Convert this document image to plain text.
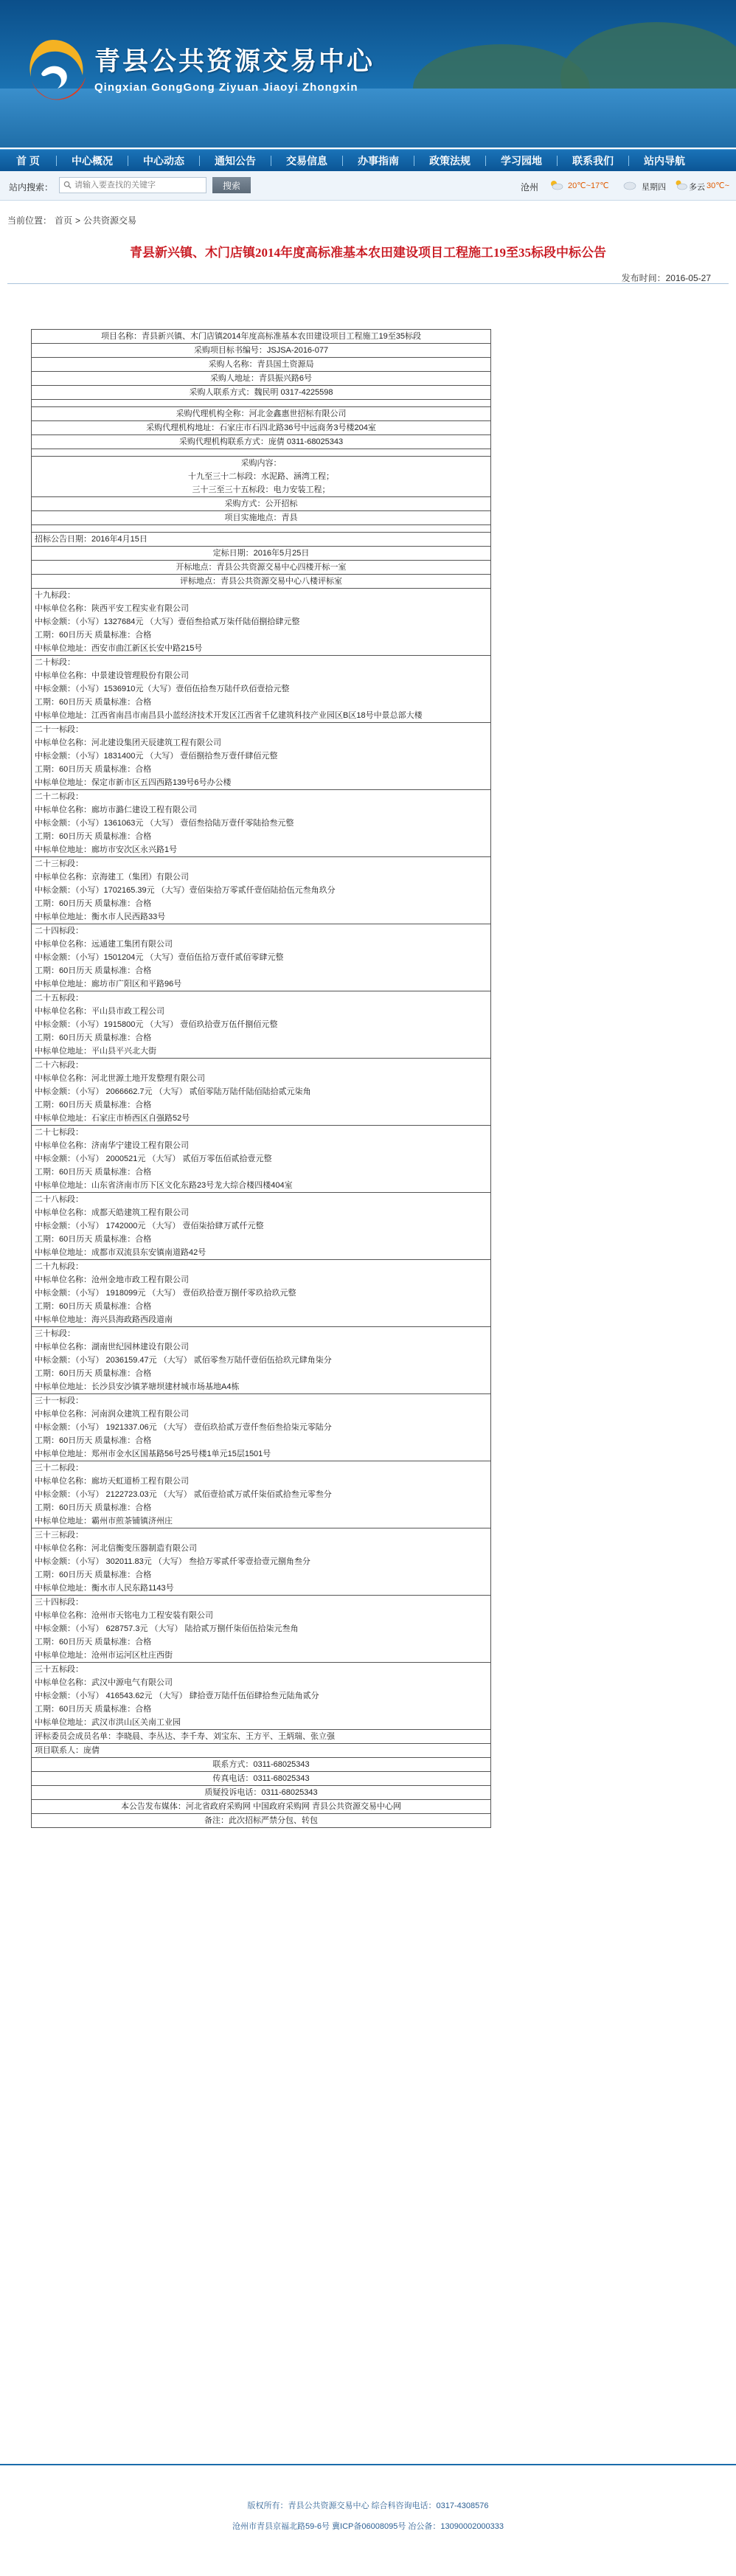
青县公共资源交易中心
Qingxian GongGong Ziyuan Jiaoyi Zhongxin
首 页	中心概况	中心动态	通知公告	交易信息	办事指南	政策法规	学习园地	联系我们	站内导航
站内搜索：
请输入要查找的关键字	搜索	沧州	20℃~17℃	星期四	多云 30℃~
当前位置： 首页 > 公共资源交易
青县新兴镇、木门店镇2014年度高标准基本农田建设项目工程施工19至35标段中标公告
发布时间：2016-05-27
项目名称：青县新兴镇、木门店镇2014年度高标准基本农田建设项目工程施工19至35标段
采购项目标书编号：JSJSA-2016-077
采购人名称：青县国土资源局
采购人地址：青县振兴路6号
采购人联系方式：魏民明 0317-4225598

采购代理机构全称：河北金鑫惠世招标有限公司
采购代理机构地址：石家庄市石四北路36号中远商务3号楼204室
采购代理机构联系方式：庞倩 0311-68025343

采购内容：
十九至三十二标段：水泥路、涵湾工程；
三十三至三十五标段：电力安装工程；

采购方式：公开招标
项目实施地点：青县

招标公告日期：2016年4月15日
定标日期：2016年5月25日
开标地点：青县公共资源交易中心四楼开标一室
评标地点：青县公共资源交易中心八楼评标室

十九标段：
中标单位名称：陕西平安工程实业有限公司
中标金额：（小写）1327684元 （大写）壹佰叁拾贰万柒仟陆佰捌拾肆元整
工期：60日历天 质量标准：合格
中标单位地址：西安市曲江新区长安中路215号

二十标段：
中标单位名称：中景建设管理股份有限公司
中标金额：（小写）1536910元（大写）壹佰伍拾叁万陆仟玖佰壹拾元整
工期：60日历天 质量标准：合格
中标单位地址：江西省南昌市南昌县小蓝经济技术开发区江西省千亿建筑科技产业园区B区18号中景总部大楼

二十一标段：
中标单位名称：河北建设集团天辰建筑工程有限公司
中标金额：（小写）1831400元 （大写） 壹佰捌拾叁万壹仟肆佰元整
工期：60日历天 质量标准：合格
中标单位地址：保定市新市区五四西路139号6号办公楼

二十二标段：
中标单位名称：廊坊市潞仁建设工程有限公司
中标金额：（小写）1361063元 （大写） 壹佰叁拾陆万壹仟零陆拾叁元整
工期：60日历天 质量标准：合格
中标单位地址：廊坊市安次区永兴路1号

二十三标段：
中标单位名称：京海建工（集团）有限公司
中标金额：（小写）1702165.39元 （大写）壹佰柒拾万零贰仟壹佰陆拾伍元叁角玖分
工期：60日历天 质量标准：合格
中标单位地址：衡水市人民西路33号

二十四标段：
中标单位名称：远通建工集团有限公司
中标金额：（小写）1501204元 （大写）壹佰伍拾万壹仟贰佰零肆元整
工期：60日历天 质量标准：合格
中标单位地址：廊坊市广阳区和平路96号

二十五标段：
中标单位名称：平山县市政工程公司
中标金额：（小写）1915800元 （大写） 壹佰玖拾壹万伍仟捌佰元整
工期：60日历天 质量标准：合格
中标单位地址：平山县平兴北大街

二十六标段：
中标单位名称：河北世源土地开发整理有限公司
中标金额：（小写） 2066662.7元 （大写） 贰佰零陆万陆仟陆佰陆拾贰元柒角
工期：60日历天 质量标准：合格
中标单位地址：石家庄市桥西区自强路52号

二十七标段：
中标单位名称：济南华宁建设工程有限公司
中标金额：（小写） 2000521元 （大写） 贰佰万零伍佰贰拾壹元整
工期：60日历天 质量标准：合格
中标单位地址：山东省济南市历下区文化东路23号龙大综合楼四楼404室

二十八标段：
中标单位名称：成都天皓建筑工程有限公司
中标金额：（小写） 1742000元 （大写） 壹佰柒拾肆万贰仟元整
工期：60日历天 质量标准：合格
中标单位地址：成都市双流县东安镇南道路42号

二十九标段：
中标单位名称：沧州金地市政工程有限公司
中标金额：（小写） 1918099元 （大写） 壹佰玖拾壹万捌仟零玖拾玖元整
工期：60日历天 质量标准：合格
中标单位地址：海兴县海政路西段道南

三十标段：
中标单位名称：湖南世纪园林建设有限公司
中标金额：（小写） 2036159.47元 （大写） 贰佰零叁万陆仟壹佰伍拾玖元肆角柒分
工期：60日历天 质量标准：合格
中标单位地址：长沙县安沙镇茅塘坝建材城市场基地A4栋

三十一标段：
中标单位名称：河南润众建筑工程有限公司
中标金额：（小写） 1921337.06元 （大写） 壹佰玖拾贰万壹仟叁佰叁拾柒元零陆分
工期：60日历天 质量标准：合格
中标单位地址：郑州市金水区国基路56号25号楼1单元15层1501号

三十二标段：
中标单位名称：廊坊天虹道桥工程有限公司
中标金额：（小写） 2122723.03元 （大写） 贰佰壹拾贰万贰仟柒佰贰拾叁元零叁分
工期：60日历天 质量标准：合格
中标单位地址：霸州市煎茶铺镇济州庄

三十三标段：
中标单位名称：河北信衡变压器制造有限公司
中标金额：（小写） 302011.83元 （大写） 叁拾万零贰仟零壹拾壹元捌角叁分
工期：60日历天 质量标准：合格
中标单位地址：衡水市人民东路1143号

三十四标段：
中标单位名称：沧州市天铭电力工程安装有限公司
中标金额：（小写） 628757.3元 （大写） 陆拾贰万捌仟柒佰伍拾柒元叁角
工期：60日历天 质量标准：合格
中标单位地址：沧州市运河区杜庄西街

三十五标段：
中标单位名称：武汉中源电气有限公司
中标金额：（小写） 416543.62元 （大写） 肆拾壹万陆仟伍佰肆拾叁元陆角贰分
工期：60日历天 质量标准：合格
中标单位地址：武汉市洪山区关南工业园

评标委员会成员名单：李晓晨、李丛达、李千寿、刘宝东、王方平、王炳瑞、张立强
项目联系人：庞倩
联系方式：0311-68025343
传真电话：0311-68025343
质疑投诉电话：0311-68025343
本公告发布媒体：河北省政府采购网 中国政府采购网 青县公共资源交易中心网
备注：此次招标严禁分包、转包
版权所有：青县公共资源交易中心 综合科咨询电话：0317-4308576
沧州市青县京福北路59-6号 冀ICP备06008095号 冶公备：13090002000333
